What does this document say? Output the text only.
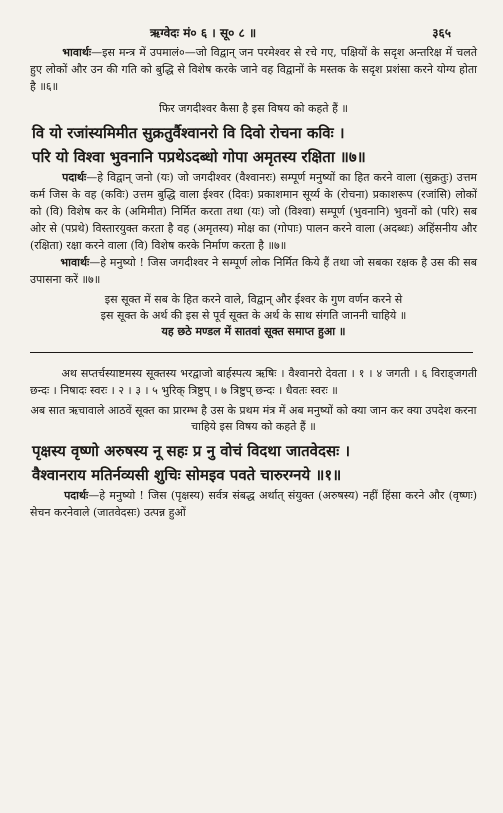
ऋग्वेदः मं० ६ । सू० ८ ॥	३६५

भावार्थः—इस मन्त्र में उपमालं०—जो विद्वान् जन परमेश्वर से रचे गए, पक्षियों के सदृश अन्तरिक्ष में चलते हुए लोकों और उन की गति को बुद्धि से विशेष करके जाने वह विद्वानों के मस्तक के सदृश प्रशंसा करने योग्य होता है ॥६॥

फिर जगदीश्वर कैसा है इस विषय को कहते हैं ॥

वि यो रजांस्यमिमीत सुक्रतुर्वैश्वानरो वि दिवो रोचना कविः ।

परि यो विश्वा भुवनानि पप्रथेऽदब्धो गोपा अमृतस्य रक्षिता ॥७॥

पदार्थः—हे विद्वान् जनो (यः) जो जगदीश्वर (वैश्वानरः) सम्पूर्ण मनुष्यों का हित करने वाला (सुक्रतुः) उत्तम कर्म जिस के वह (कविः) उत्तम बुद्धि वाला ईश्वर (दिवः) प्रकाशमान सूर्य्य के (रोचना) प्रकाशरूप (रजांसि) लोकों को (वि) विशेष कर के (अमिमीत) निर्मित करता तथा (यः) जो (विश्वा) सम्पूर्ण (भुवनानि) भुवनों को (परि) सब ओर से (पप्रथे) विस्तारयुक्त करता है वह (अमृतस्य) मोक्ष का (गोपाः) पालन करने वाला (अदब्धः) अहिंसनीय और (रक्षिता) रक्षा करने वाला (वि) विशेष करके निर्माण करता है ॥७॥

भावार्थः—हे मनुष्यो ! जिस जगदीश्वर ने सम्पूर्ण लोक निर्मित किये हैं तथा जो सबका रक्षक है उस की सब उपासना करें ॥७॥

इस सूक्त में सब के हित करने वाले, विद्वान् और ईश्वर के गुण वर्णन करने से

इस सूक्त के अर्थ की इस से पूर्व सूक्त के अर्थ के साथ संगति जाननी चाहिये ॥

यह छठे मण्डल में सातवां सूक्त समाप्त हुआ ॥

अथ सप्तर्चस्याष्टमस्य सूक्तस्य भरद्वाजो बार्हस्पत्य ऋषिः । वैश्वानरो देवता । १ । ४ जगती । ६ विराड्जगती छन्दः । निषादः स्वरः । २ । ३ । ५ भुरिक् त्रिष्टुप् । ७ त्रिष्टुप् छन्दः । धैवतः स्वरः ॥

अब सात ऋचावाले आठवें सूक्त का प्रारम्भ है उस के प्रथम मंत्र में अब मनुष्यों को क्या जान कर क्या उपदेश करना चाहिये इस विषय को कहते हैं ॥

पृक्षस्य वृष्णो अरुषस्य नू सहः प्र नु वोचं विदथा जातवेदसः ।

वैश्वानराय मतिर्नव्यसी शुचिः सोमइव पवते चारुरग्नये ॥१॥

पदार्थः—हे मनुष्यो ! जिस (पृक्षस्य) सर्वत्र संबद्ध अर्थात् संयुक्त (अरुषस्य) नहीं हिंसा करने और (वृष्णः) सेचन करनेवाले (जातवेदसः) उत्पन्न हुओं
